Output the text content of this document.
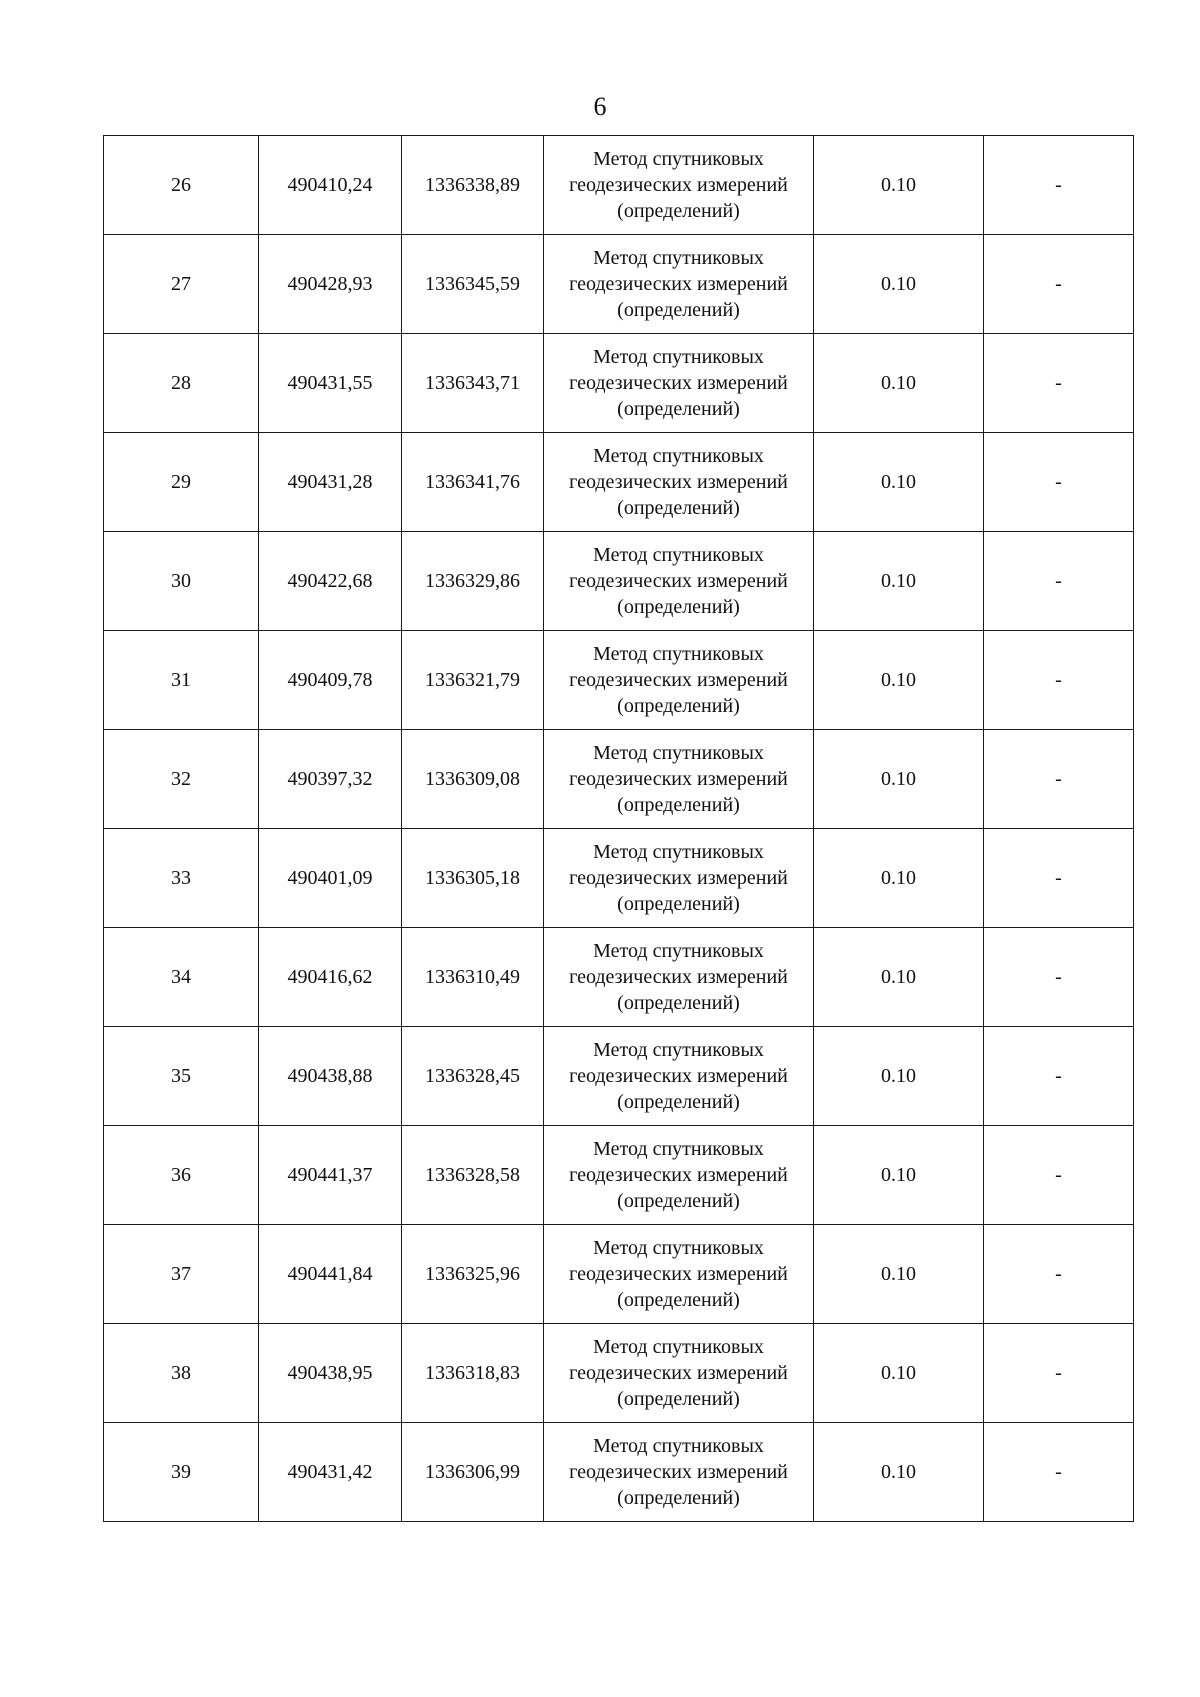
6
26	490410,24	1336338,89	Метод спутниковых
геодезических измерений
(определений)	0.10	-
27	490428,93	1336345,59	Метод спутниковых
геодезических измерений
(определений)	0.10	-
28	490431,55	1336343,71	Метод спутниковых
геодезических измерений
(определений)	0.10	-
29	490431,28	1336341,76	Метод спутниковых
геодезических измерений
(определений)	0.10	-
30	490422,68	1336329,86	Метод спутниковых
геодезических измерений
(определений)	0.10	-
31	490409,78	1336321,79	Метод спутниковых
геодезических измерений
(определений)	0.10	-
32	490397,32	1336309,08	Метод спутниковых
геодезических измерений
(определений)	0.10	-
33	490401,09	1336305,18	Метод спутниковых
геодезических измерений
(определений)	0.10	-
34	490416,62	1336310,49	Метод спутниковых
геодезических измерений
(определений)	0.10	-
35	490438,88	1336328,45	Метод спутниковых
геодезических измерений
(определений)	0.10	-
36	490441,37	1336328,58	Метод спутниковых
геодезических измерений
(определений)	0.10	-
37	490441,84	1336325,96	Метод спутниковых
геодезических измерений
(определений)	0.10	-
38	490438,95	1336318,83	Метод спутниковых
геодезических измерений
(определений)	0.10	-
39	490431,42	1336306,99	Метод спутниковых
геодезических измерений
(определений)	0.10	-
